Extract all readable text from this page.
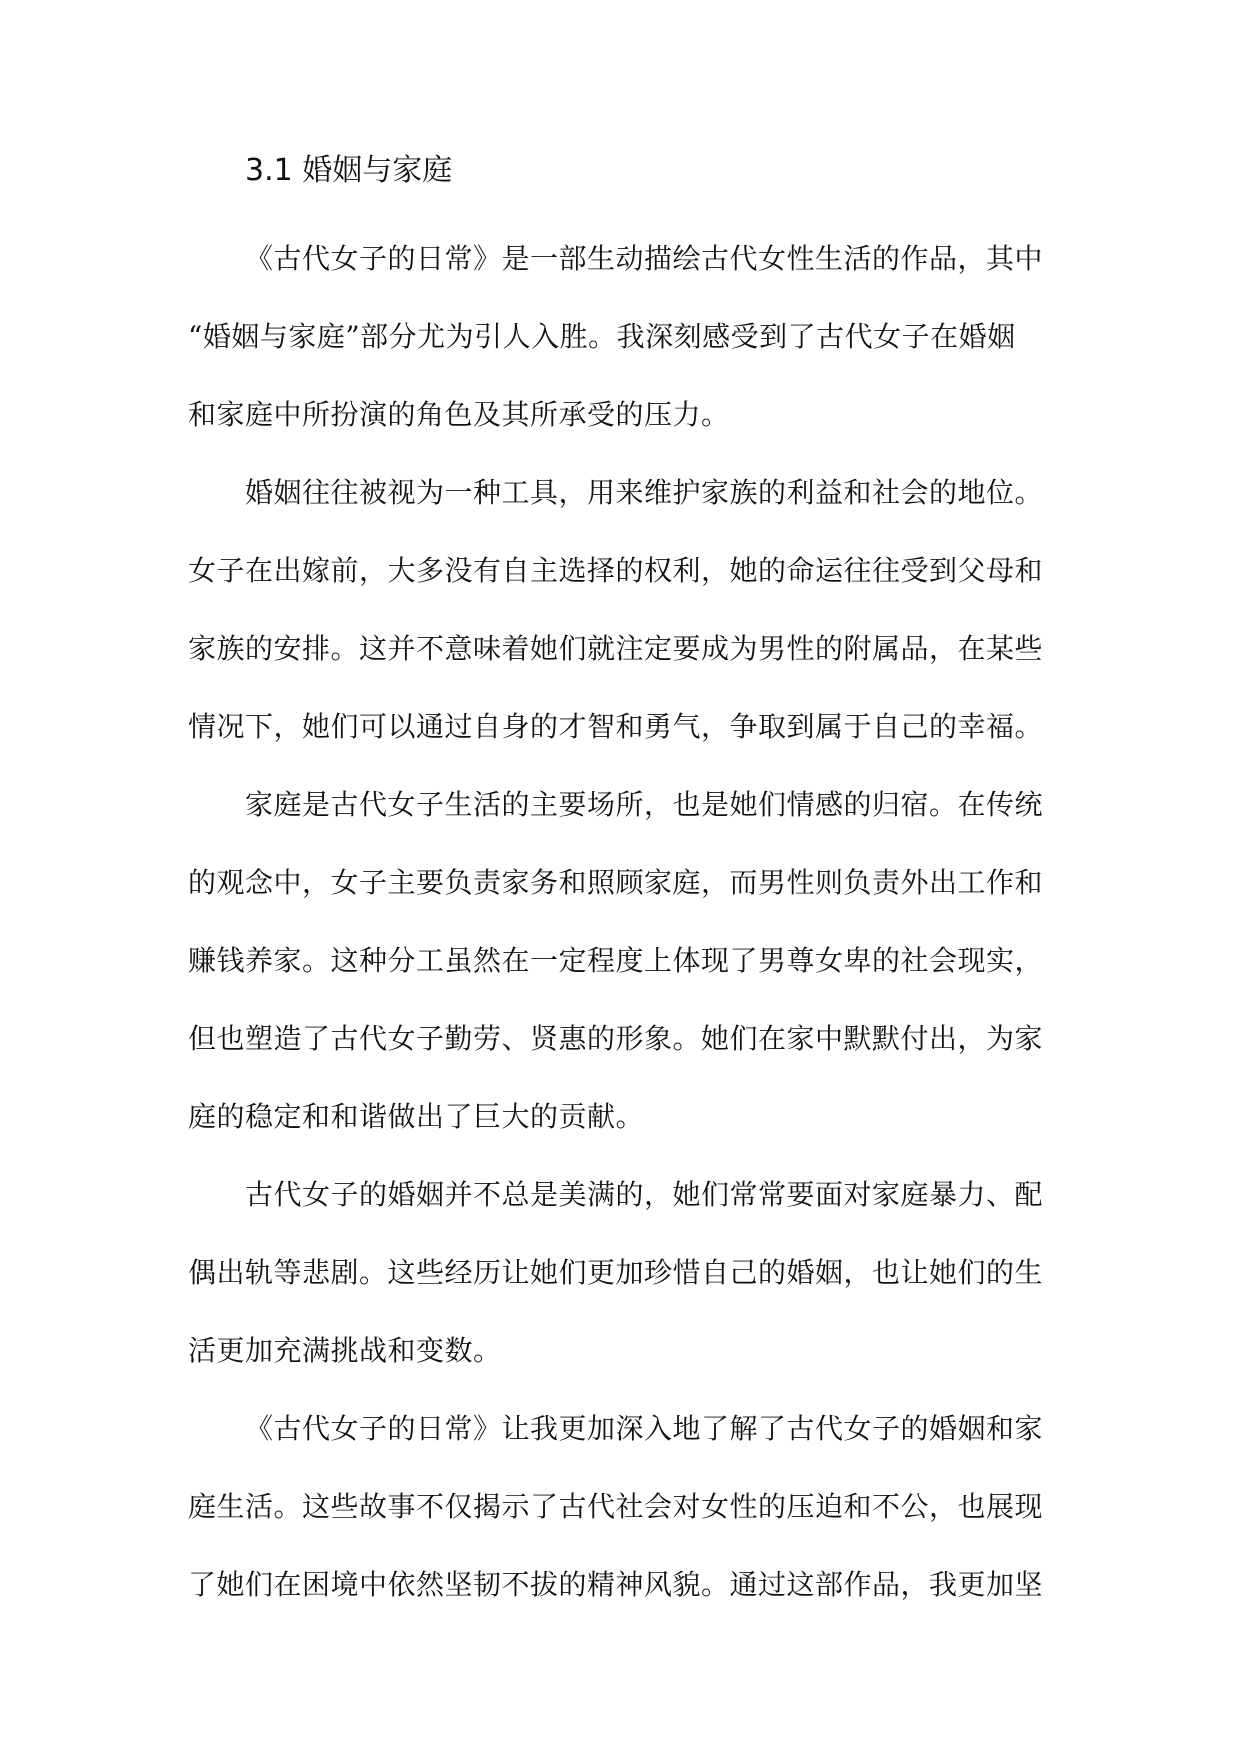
3.1 婚姻与家庭
《古代女子的日常》是一部生动描绘古代女性生活的作品，其中
“婚姻与家庭”部分尤为引人入胜。我深刻感受到了古代女子在婚姻
和家庭中所扮演的角色及其所承受的压力。
婚姻往往被视为一种工具，用来维护家族的利益和社会的地位。
女子在出嫁前，大多没有自主选择的权利，她的命运往往受到父母和
家族的安排。这并不意味着她们就注定要成为男性的附属品，在某些
情况下，她们可以通过自身的才智和勇气，争取到属于自己的幸福。
家庭是古代女子生活的主要场所，也是她们情感的归宿。在传统
的观念中，女子主要负责家务和照顾家庭，而男性则负责外出工作和
赚钱养家。这种分工虽然在一定程度上体现了男尊女卑的社会现实，
但也塑造了古代女子勤劳、贤惠的形象。她们在家中默默付出，为家
庭的稳定和和谐做出了巨大的贡献。
古代女子的婚姻并不总是美满的，她们常常要面对家庭暴力、配
偶出轨等悲剧。这些经历让她们更加珍惜自己的婚姻，也让她们的生
活更加充满挑战和变数。
《古代女子的日常》让我更加深入地了解了古代女子的婚姻和家
庭生活。这些故事不仅揭示了古代社会对女性的压迫和不公，也展现
了她们在困境中依然坚韧不拔的精神风貌。通过这部作品，我更加坚
